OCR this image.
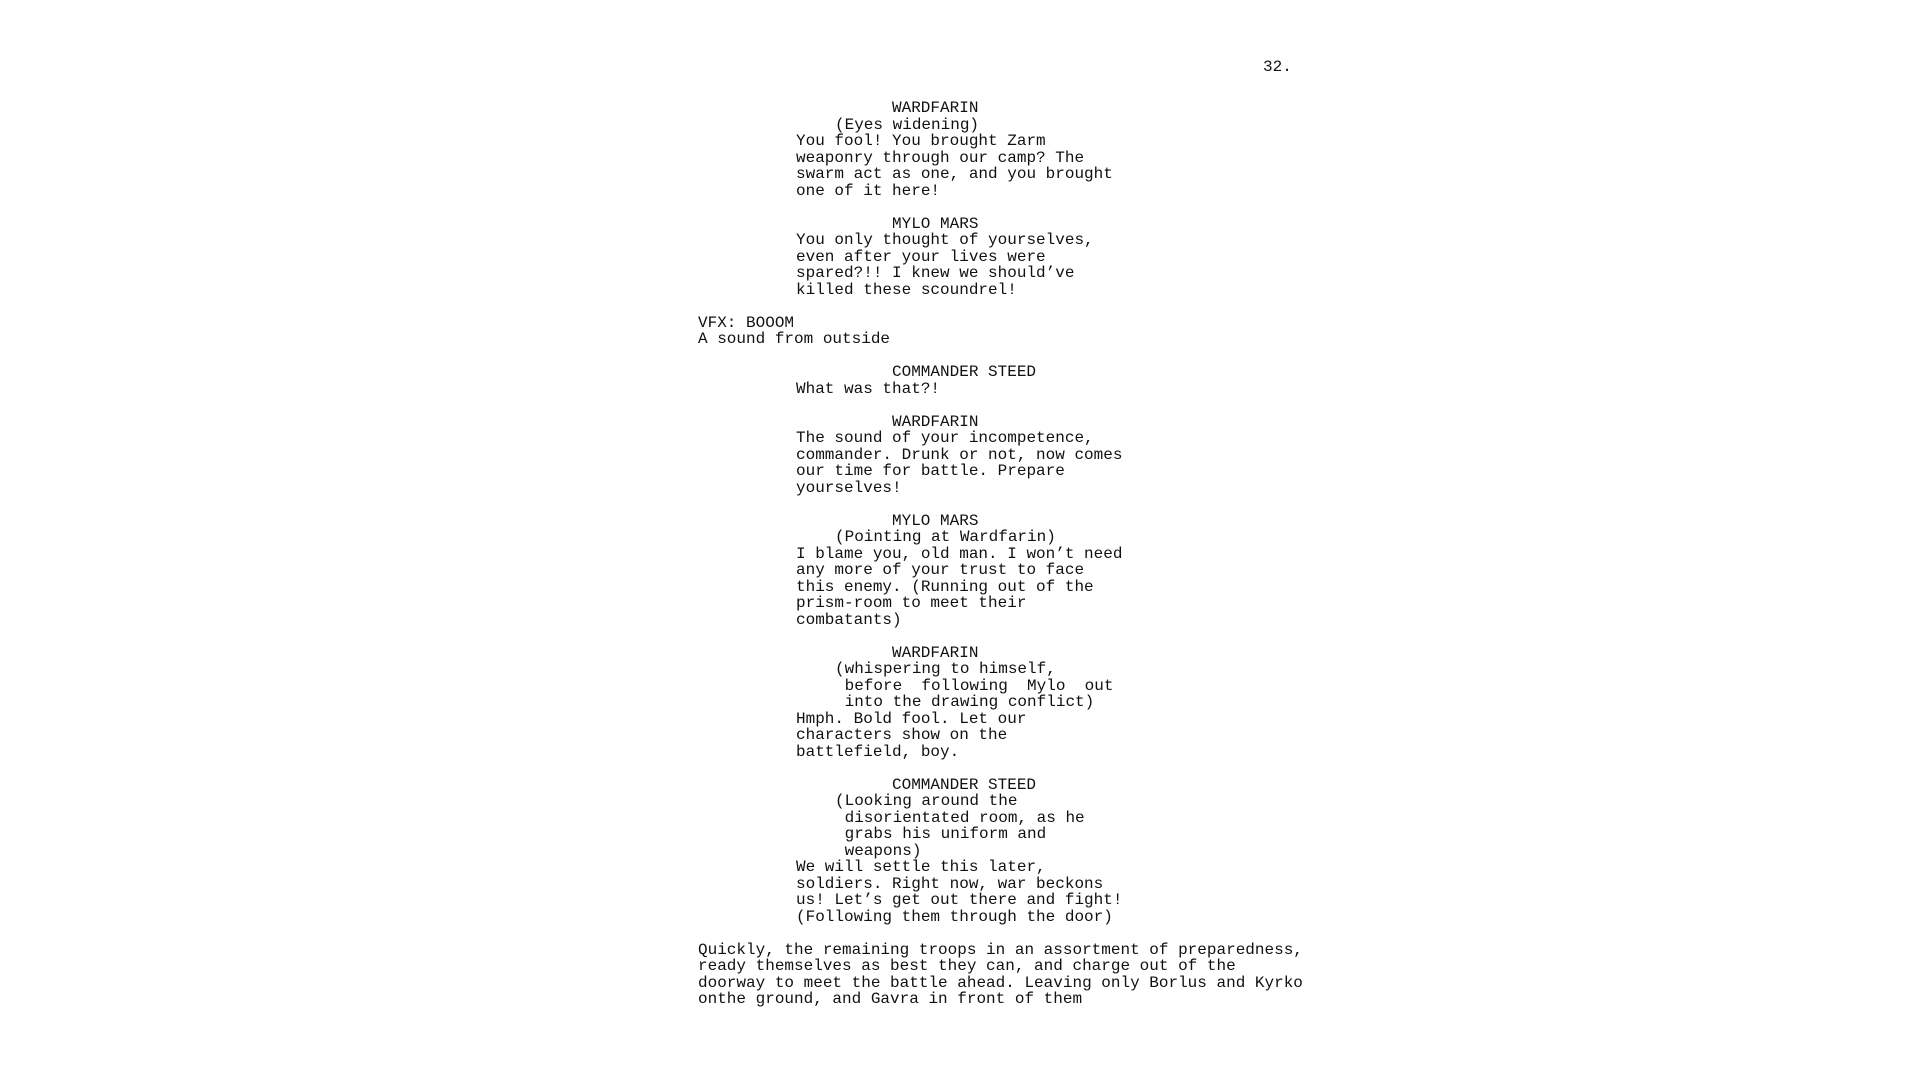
32.
WARDFARIN
(Eyes widening)
You fool! You brought Zarm
weaponry through our camp? The
swarm act as one, and you brought
one of it here!
MYLO MARS
You only thought of yourselves,
even after your lives were
spared?!! I knew we should’ve
killed these scoundrel!
VFX: BOOOM
A sound from outside
COMMANDER STEED
What was that?!
WARDFARIN
The sound of your incompetence,
commander. Drunk or not, now comes
our time for battle. Prepare
yourselves!
MYLO MARS
(Pointing at Wardfarin)
I blame you, old man. I won’t need
any more of your trust to face
this enemy. (Running out of the
prism-room to meet their
combatants)
WARDFARIN
(whispering to himself,
before  following  Mylo  out
into the drawing conflict)
Hmph. Bold fool. Let our
characters show on the
battlefield, boy.
COMMANDER STEED
(Looking around the
disorientated room, as he
grabs his uniform and
weapons)
We will settle this later,
soldiers. Right now, war beckons
us! Let’s get out there and fight!
(Following them through the door)
Quickly, the remaining troops in an assortment of preparedness,
ready themselves as best they can, and charge out of the
doorway to meet the battle ahead. Leaving only Borlus and Kyrko
onthe ground, and Gavra in front of them
